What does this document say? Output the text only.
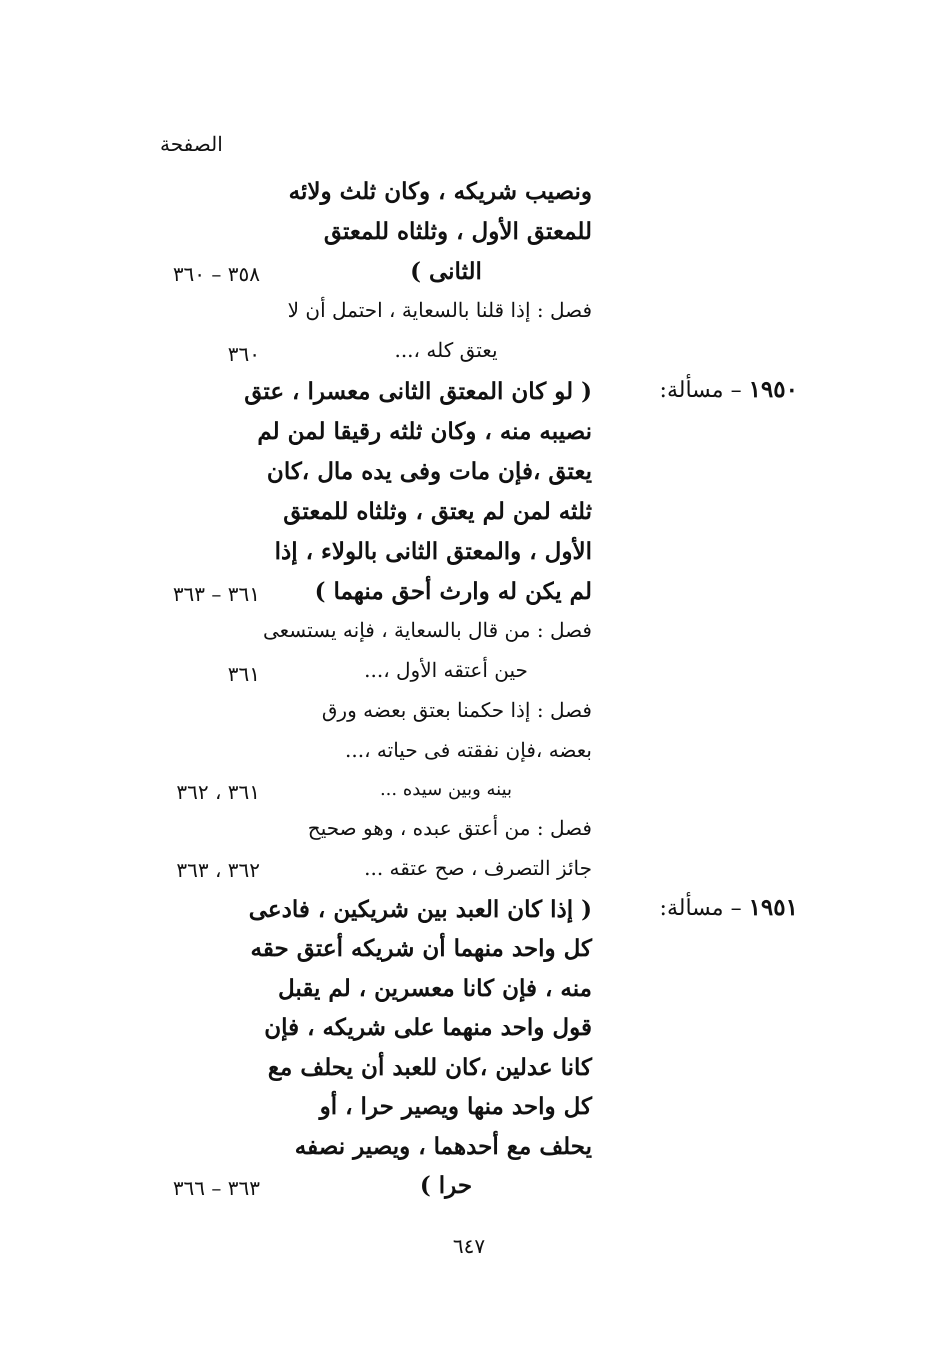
الصفحة
ونصيب شريكه ، وكان ثلث ولائه
للمعتق الأول ، وثلثاه للمعتق
الثانى )
٣٥٨ – ٣٦٠
فصل : إذا قلنا بالسعاية ، احتمل أن لا
يعتق كله ،...
٣٦٠
١٩٥٠ – مسألة:
( لو كان المعتق الثانى معسرا ، عتق
نصيبه منه ، وكان ثلثه رقيقا لمن لم
يعتق ،فإن مات وفى يده مال ،كان
ثلثه لمن لم يعتق ، وثلثاه للمعتق
الأول ، والمعتق الثانى بالولاء ، إذا
لم يكن له وارث أحق منهما )
٣٦١ – ٣٦٣
فصل : من قال بالسعاية ، فإنه يستسعى
حين أعتقه الأول ،...
٣٦١
فصل : إذا حكمنا بعتق بعضه ورق
بعضه ،فإن نفقته فى حياته ،...
بينه وبين سيده ...
٣٦١ ، ٣٦٢
فصل : من أعتق عبده ، وهو صحيح
جائز التصرف ، صح عتقه ...
٣٦٢ ، ٣٦٣
١٩٥١ – مسألة:
( إذا كان العبد بين شريكين ، فادعى
كل واحد منهما أن شريكه أعتق حقه
منه ، فإن كانا معسرين ، لم يقبل
قول واحد منهما على شريكه ، فإن
كانا عدلين ،كان للعبد أن يحلف مع
كل واحد منها ويصير حرا ، أو
يحلف مع أحدهما ، ويصير نصفه
حرا )
٣٦٣ – ٣٦٦
٦٤٧
